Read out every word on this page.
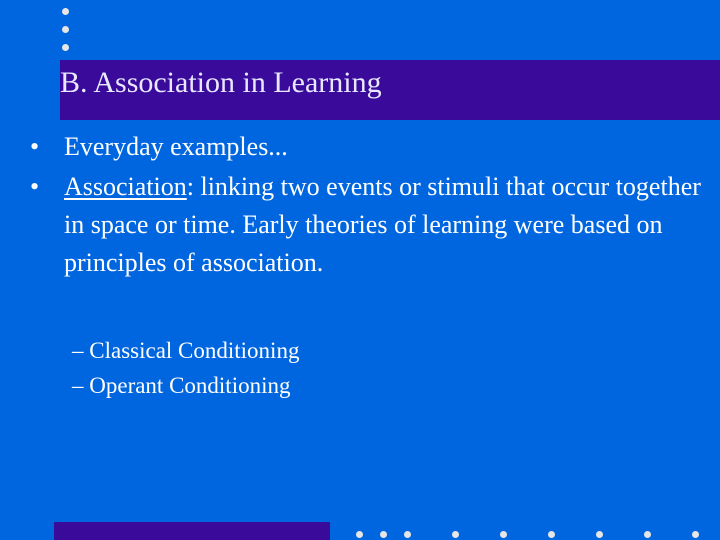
B. Association in Learning
• Everyday examples...
• Association: linking two events or stimuli that occur together in space or time. Early theories of learning were based on principles of association.
– Classical Conditioning
– Operant Conditioning
